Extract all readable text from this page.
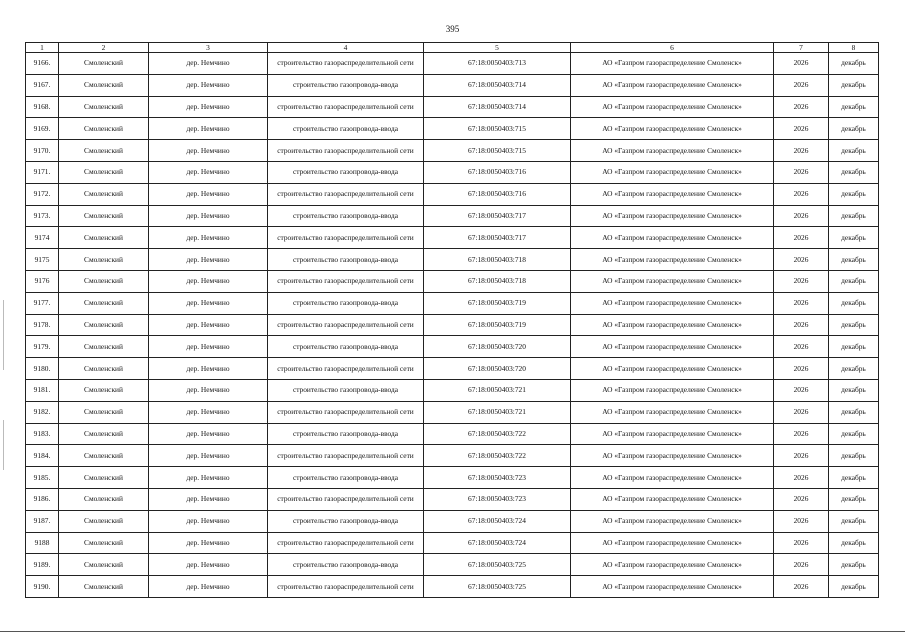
395
1	2	3	4	5	6	7	8
9166.	Смоленский	дер. Немчино	строительство газораспределительной сети	67:18:0050403:713	АО «Газпром газораспределение Смоленск»	2026	декабрь
9167.	Смоленский	дер. Немчино	строительство газопровода-ввода	67:18:0050403:714	АО «Газпром газораспределение Смоленск»	2026	декабрь
9168.	Смоленский	дер. Немчино	строительство газораспределительной сети	67:18:0050403:714	АО «Газпром газораспределение Смоленск»	2026	декабрь
9169.	Смоленский	дер. Немчино	строительство газопровода-ввода	67:18:0050403:715	АО «Газпром газораспределение Смоленск»	2026	декабрь
9170.	Смоленский	дер. Немчино	строительство газораспределительной сети	67:18:0050403:715	АО «Газпром газораспределение Смоленск»	2026	декабрь
9171.	Смоленский	дер. Немчино	строительство газопровода-ввода	67:18:0050403:716	АО «Газпром газораспределение Смоленск»	2026	декабрь
9172.	Смоленский	дер. Немчино	строительство газораспределительной сети	67:18:0050403:716	АО «Газпром газораспределение Смоленск»	2026	декабрь
9173.	Смоленский	дер. Немчино	строительство газопровода-ввода	67:18:0050403:717	АО «Газпром газораспределение Смоленск»	2026	декабрь
9174	Смоленский	дер. Немчино	строительство газораспределительной сети	67:18:0050403:717	АО «Газпром газораспределение Смоленск»	2026	декабрь
9175	Смоленский	дер. Немчино	строительство газопровода-ввода	67:18:0050403:718	АО «Газпром газораспределение Смоленск»	2026	декабрь
9176	Смоленский	дер. Немчино	строительство газораспределительной сети	67:18:0050403:718	АО «Газпром газораспределение Смоленск»	2026	декабрь
9177.	Смоленский	дер. Немчино	строительство газопровода-ввода	67:18:0050403:719	АО «Газпром газораспределение Смоленск»	2026	декабрь
9178.	Смоленский	дер. Немчино	строительство газораспределительной сети	67:18:0050403:719	АО «Газпром газораспределение Смоленск»	2026	декабрь
9179.	Смоленский	дер. Немчино	строительство газопровода-ввода	67:18:0050403:720	АО «Газпром газораспределение Смоленск»	2026	декабрь
9180.	Смоленский	дер. Немчино	строительство газораспределительной сети	67:18:0050403:720	АО «Газпром газораспределение Смоленск»	2026	декабрь
9181.	Смоленский	дер. Немчино	строительство газопровода-ввода	67:18:0050403:721	АО «Газпром газораспределение Смоленск»	2026	декабрь
9182.	Смоленский	дер. Немчино	строительство газораспределительной сети	67:18:0050403:721	АО «Газпром газораспределение Смоленск»	2026	декабрь
9183.	Смоленский	дер. Немчино	строительство газопровода-ввода	67:18:0050403:722	АО «Газпром газораспределение Смоленск»	2026	декабрь
9184.	Смоленский	дер. Немчино	строительство газораспределительной сети	67:18:0050403:722	АО «Газпром газораспределение Смоленск»	2026	декабрь
9185.	Смоленский	дер. Немчино	строительство газопровода-ввода	67:18:0050403:723	АО «Газпром газораспределение Смоленск»	2026	декабрь
9186.	Смоленский	дер. Немчино	строительство газораспределительной сети	67:18:0050403:723	АО «Газпром газораспределение Смоленск»	2026	декабрь
9187.	Смоленский	дер. Немчино	строительство газопровода-ввода	67:18:0050403:724	АО «Газпром газораспределение Смоленск»	2026	декабрь
9188	Смоленский	дер. Немчино	строительство газораспределительной сети	67:18:0050403:724	АО «Газпром газораспределение Смоленск»	2026	декабрь
9189.	Смоленский	дер. Немчино	строительство газопровода-ввода	67:18:0050403:725	АО «Газпром газораспределение Смоленск»	2026	декабрь
9190.	Смоленский	дер. Немчино	строительство газораспределительной сети	67:18:0050403:725	АО «Газпром газораспределение Смоленск»	2026	декабрь
